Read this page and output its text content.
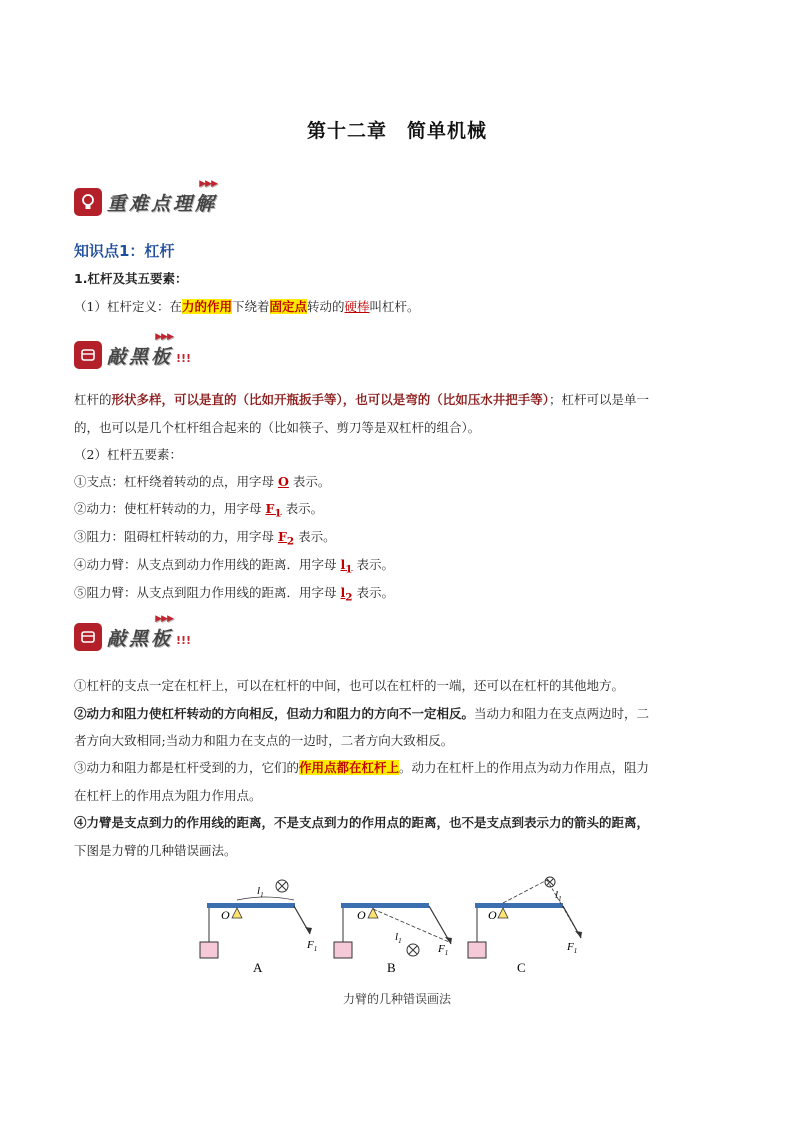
第十二章　简单机械
重难点理解
▶▶▶
知识点1：杠杆
1.杠杆及其五要素：
（1）杠杆定义：在力的作用下绕着固定点转动的硬棒叫杠杆。
敲黑板
▶▶▶
!!!
杠杆的形状多样，可以是直的（比如开瓶扳手等），也可以是弯的（比如压水井把手等）；杠杆可以是单一
的，也可以是几个杠杆组合起来的（比如筷子、剪刀等是双杠杆的组合）。
（2）杠杆五要素：
①支点：杠杆绕着转动的点，用字母 O 表示。
②动力：使杠杆转动的力，用字母 $F_1$ 表示。
③阻力：阻碍杠杆转动的力，用字母 $F_2$ 表示。
④动力臂：从支点到动力作用线的距离．用字母 $l_1$ 表示。
⑤阻力臂：从支点到阻力作用线的距离．用字母 $l_2$ 表示。
敲黑板
▶▶▶
!!!
①杠杆的支点一定在杠杆上，可以在杠杆的中间，也可以在杠杆的一端，还可以在杠杆的其他地方。
②动力和阻力使杠杆转动的方向相反，但动力和阻力的方向不一定相反。当动力和阻力在支点两边时，二
者方向大致相同;当动力和阻力在支点的一边时，二者方向大致相反。
③动力和阻力都是杠杆受到的力，它们的作用点都在杠杆上。动力在杠杆上的作用点为动力作用点，阻力
在杠杆上的作用点为阻力作用点。
④力臂是支点到力的作用线的距离，不是支点到力的作用点的距离，也不是支点到表示力的箭头的距离，
下图是力臂的几种错误画法。
O
$l_1$
$F_1$
A
O
$l_1$
$F_1$
B
O
$l_1$
$F_1$
C
力臂的几种错误画法
